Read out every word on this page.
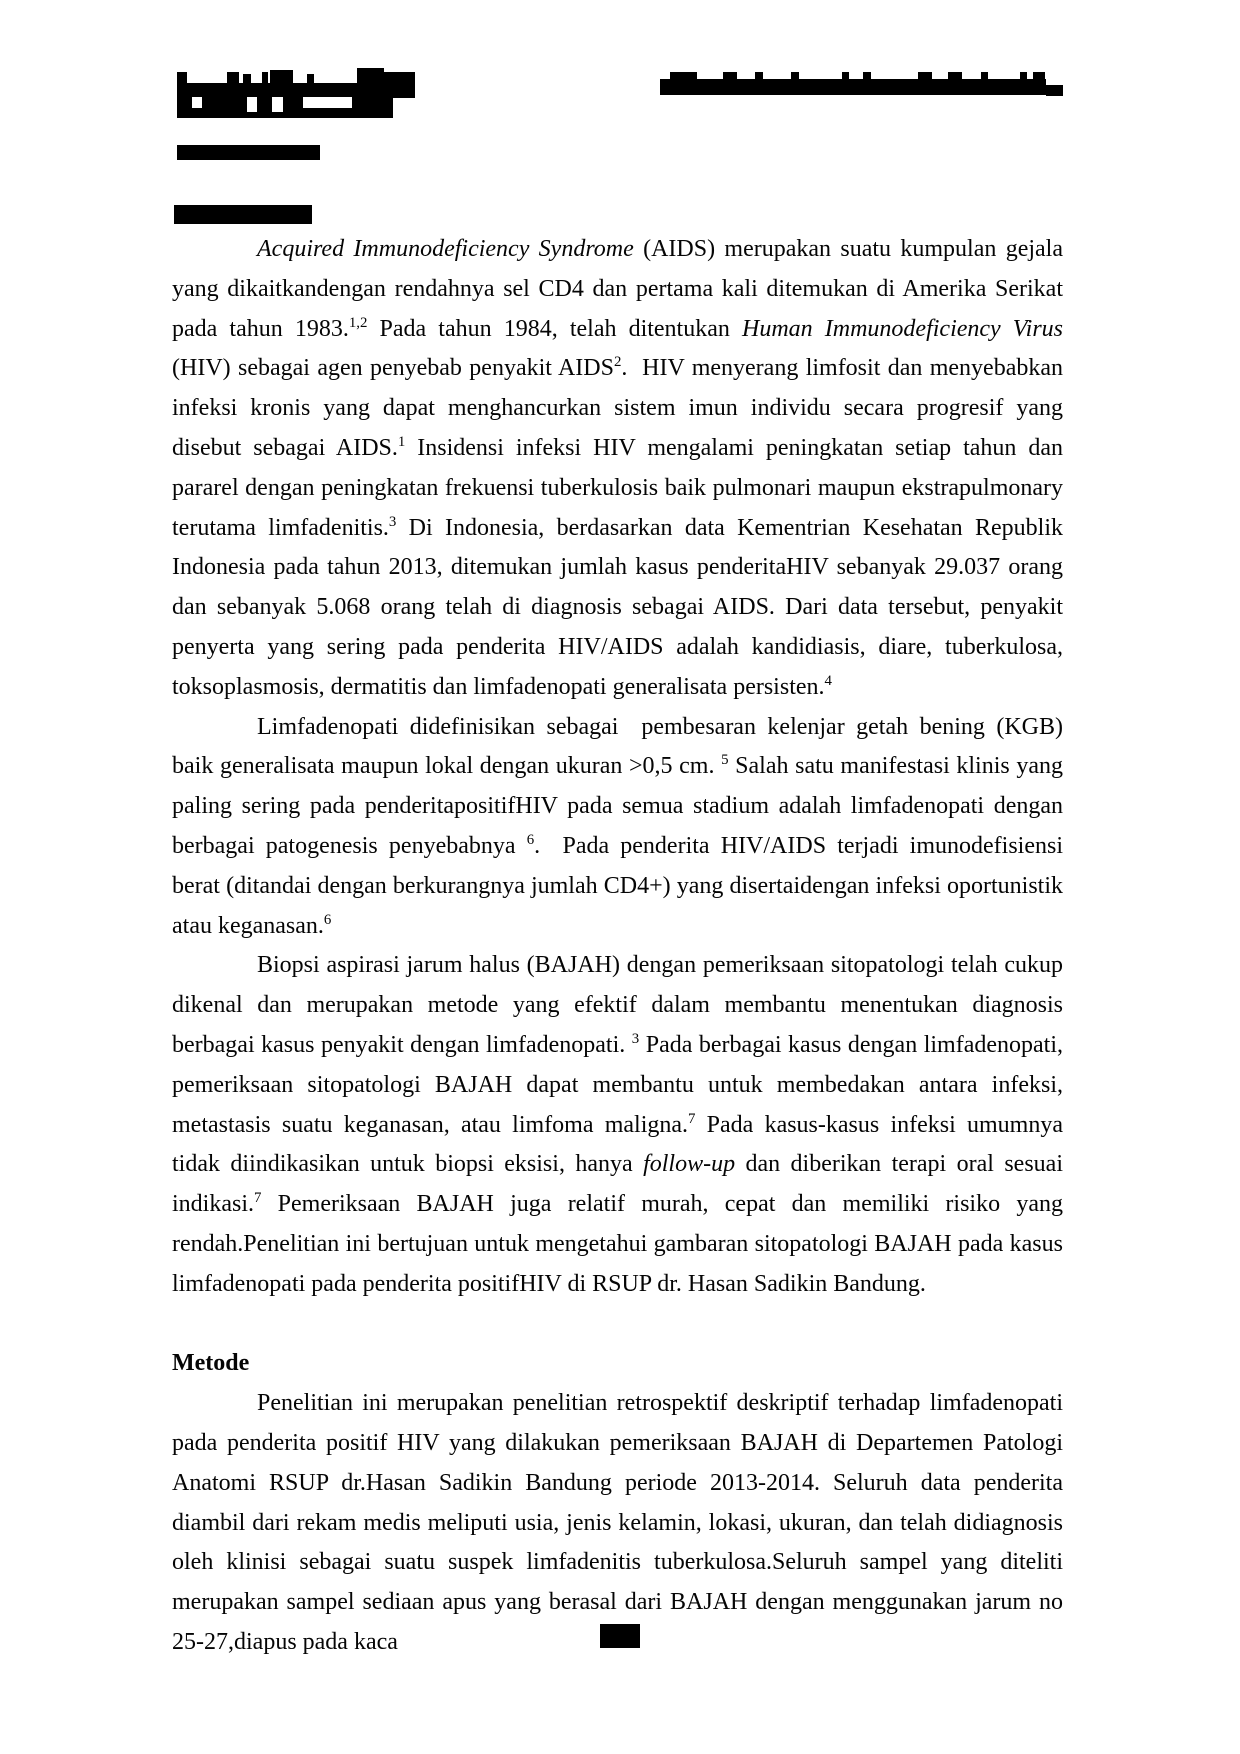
Acquired Immunodeficiency Syndrome (AIDS) merupakan suatu kumpulan gejala yang dikaitkandengan rendahnya sel CD4 dan pertama kali ditemukan di Amerika Serikat pada tahun 1983.$^{1,2}$ Pada tahun 1984, telah ditentukan Human Immunodeficiency Virus (HIV) sebagai agen penyebab penyakit AIDS$^2$.  HIV menyerang limfosit dan menyebabkan infeksi kronis yang dapat menghancurkan sistem imun individu secara progresif yang disebut sebagai AIDS.$^1$ Insidensi infeksi HIV mengalami peningkatan setiap tahun dan pararel dengan peningkatan frekuensi tuberkulosis baik pulmonari maupun ekstrapulmonary terutama limfadenitis.$^3$ Di Indonesia, berdasarkan data Kementrian Kesehatan Republik Indonesia pada tahun 2013, ditemukan jumlah kasus penderitaHIV sebanyak 29.037 orang dan sebanyak 5.068 orang telah di diagnosis sebagai AIDS. Dari data tersebut, penyakit penyerta yang sering pada penderita HIV/AIDS adalah kandidiasis, diare, tuberkulosa, toksoplasmosis, dermatitis dan limfadenopati generalisata persisten.$^4$

Limfadenopati didefinisikan sebagai  pembesaran kelenjar getah bening (KGB) baik generalisata maupun lokal dengan ukuran >0,5 cm. $^5$ Salah satu manifestasi klinis yang paling sering pada penderitapositifHIV pada semua stadium adalah limfadenopati dengan berbagai patogenesis penyebabnya $^6$.  Pada penderita HIV/AIDS terjadi imunodefisiensi berat (ditandai dengan berkurangnya jumlah CD4+) yang disertaidengan infeksi oportunistik atau keganasan.$^6$

Biopsi aspirasi jarum halus (BAJAH) dengan pemeriksaan sitopatologi telah cukup dikenal dan merupakan metode yang efektif dalam membantu menentukan diagnosis berbagai kasus penyakit dengan limfadenopati. $^3$ Pada berbagai kasus dengan limfadenopati, pemeriksaan sitopatologi BAJAH dapat membantu untuk membedakan antara infeksi, metastasis suatu keganasan, atau limfoma maligna.$^7$ Pada kasus-kasus infeksi umumnya tidak diindikasikan untuk biopsi eksisi, hanya follow-up dan diberikan terapi oral sesuai indikasi.$^7$ Pemeriksaan BAJAH juga relatif murah, cepat dan memiliki risiko yang rendah.Penelitian ini bertujuan untuk mengetahui gambaran sitopatologi BAJAH pada kasus limfadenopati pada penderita positifHIV di RSUP dr. Hasan Sadikin Bandung.

Metode

Penelitian ini merupakan penelitian retrospektif deskriptif terhadap limfadenopati pada penderita positif HIV yang dilakukan pemeriksaan BAJAH di Departemen Patologi Anatomi RSUP dr.Hasan Sadikin Bandung periode 2013-2014. Seluruh data penderita diambil dari rekam medis meliputi usia, jenis kelamin, lokasi, ukuran, dan telah didiagnosis oleh klinisi sebagai suatu suspek limfadenitis tuberkulosa.Seluruh sampel yang diteliti merupakan sampel sediaan apus yang berasal dari BAJAH dengan menggunakan jarum no 25-27,diapus pada kaca
